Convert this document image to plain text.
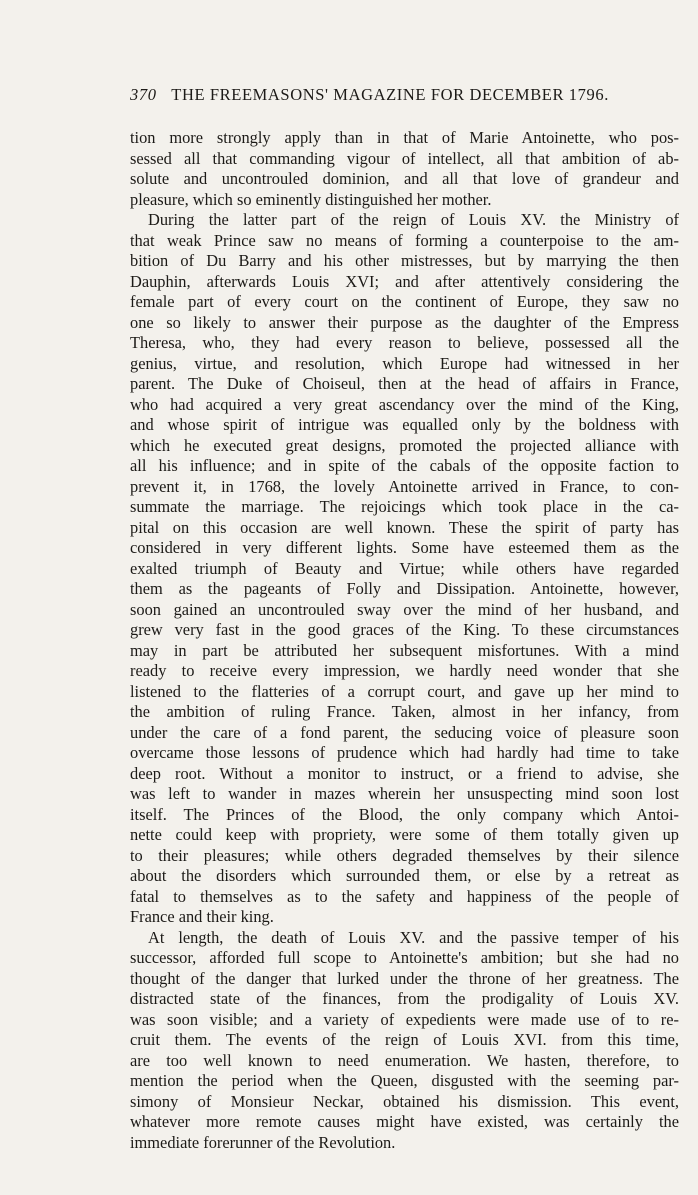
370 THE FREEMASONS' MAGAZINE FOR DECEMBER 1796.
tion more strongly apply than in that of Marie Antoinette, who pos-
sessed all that commanding vigour of intellect, all that ambition of ab-
solute and uncontrouled dominion, and all that love of grandeur and
pleasure, which so eminently distinguished her mother.
During the latter part of the reign of Louis XV. the Ministry of
that weak Prince saw no means of forming a counterpoise to the am-
bition of Du Barry and his other mistresses, but by marrying the then
Dauphin, afterwards Louis XVI; and after attentively considering the
female part of every court on the continent of Europe, they saw no
one so likely to answer their purpose as the daughter of the Empress
Theresa, who, they had every reason to believe, possessed all the
genius, virtue, and resolution, which Europe had witnessed in her
parent. The Duke of Choiseul, then at the head of affairs in France,
who had acquired a very great ascendancy over the mind of the King,
and whose spirit of intrigue was equalled only by the boldness with
which he executed great designs, promoted the projected alliance with
all his influence; and in spite of the cabals of the opposite faction to
prevent it, in 1768, the lovely Antoinette arrived in France, to con-
summate the marriage. The rejoicings which took place in the ca-
pital on this occasion are well known. These the spirit of party has
considered in very different lights. Some have esteemed them as the
exalted triumph of Beauty and Virtue; while others have regarded
them as the pageants of Folly and Dissipation. Antoinette, however,
soon gained an uncontrouled sway over the mind of her husband, and
grew very fast in the good graces of the King. To these circumstances
may in part be attributed her subsequent misfortunes. With a mind
ready to receive every impression, we hardly need wonder that she
listened to the flatteries of a corrupt court, and gave up her mind to
the ambition of ruling France. Taken, almost in her infancy, from
under the care of a fond parent, the seducing voice of pleasure soon
overcame those lessons of prudence which had hardly had time to take
deep root. Without a monitor to instruct, or a friend to advise, she
was left to wander in mazes wherein her unsuspecting mind soon lost
itself. The Princes of the Blood, the only company which Antoi-
nette could keep with propriety, were some of them totally given up
to their pleasures; while others degraded themselves by their silence
about the disorders which surrounded them, or else by a retreat as
fatal to themselves as to the safety and happiness of the people of
France and their king.
At length, the death of Louis XV. and the passive temper of his
successor, afforded full scope to Antoinette's ambition; but she had no
thought of the danger that lurked under the throne of her greatness. The
distracted state of the finances, from the prodigality of Louis XV.
was soon visible; and a variety of expedients were made use of to re-
cruit them. The events of the reign of Louis XVI. from this time,
are too well known to need enumeration. We hasten, therefore, to
mention the period when the Queen, disgusted with the seeming par-
simony of Monsieur Neckar, obtained his dismission. This event,
whatever more remote causes might have existed, was certainly the
immediate forerunner of the Revolution.
